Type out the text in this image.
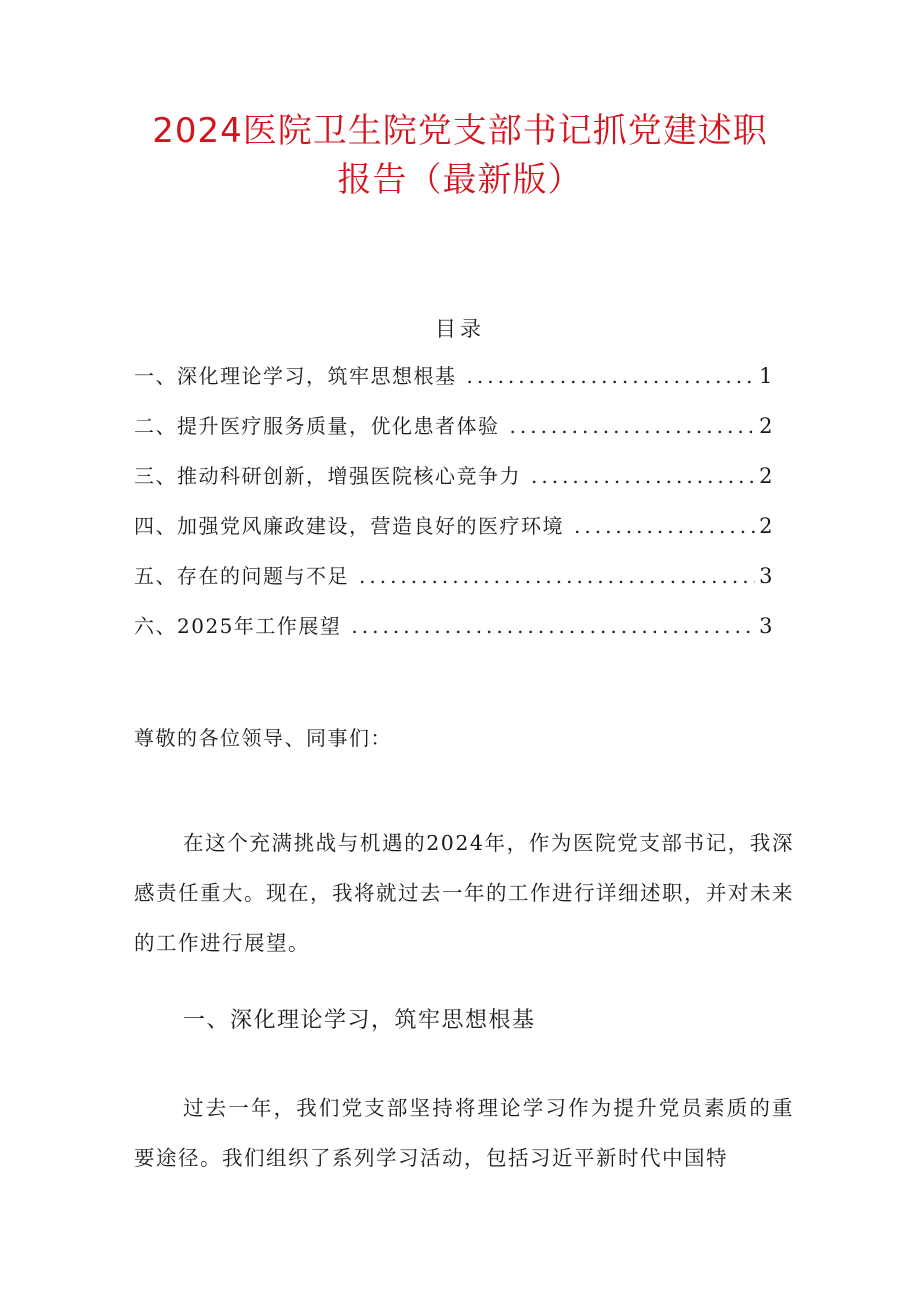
2024医院卫生院党支部书记抓党建述职
报告（最新版）
目录
一、深化理论学习，筑牢思想根基 .....	1
二、提升医疗服务质量，优化患者体验 .....	2
三、推动科研创新，增强医院核心竞争力 .....	2
四、加强党风廉政建设，营造良好的医疗环境 .....	2
五、存在的问题与不足 .....	3
六、2025年工作展望 .....	3
尊敬的各位领导、同事们：

在这个充满挑战与机遇的2024年，作为医院党支部书记，我深感责任重大。现在，我将就过去一年的工作进行详细述职，并对未来的工作进行展望。

一、深化理论学习，筑牢思想根基

过去一年，我们党支部坚持将理论学习作为提升党员素质的重要途径。我们组织了系列学习活动，包括习近平新时代中国特
